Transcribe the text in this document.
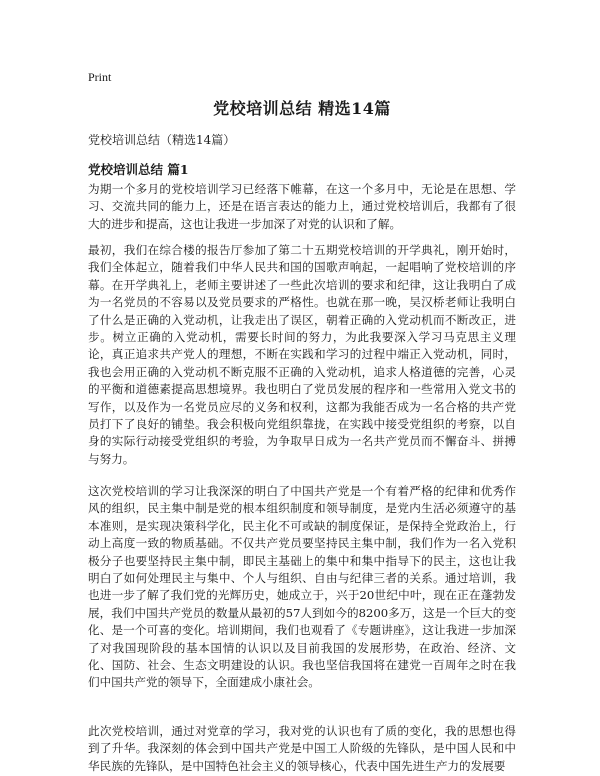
Print
党校培训总结 精选14篇
党校培训总结（精选14篇）
党校培训总结 篇1

为期一个多月的党校培训学习已经落下帷幕，在这一个多月中，无论是在思想、学习、交流共同的能力上，还是在语言表达的能力上，通过党校培训后，我都有了很大的进步和提高，这也让我进一步加深了对党的认识和了解。

最初，我们在综合楼的报告厅参加了第二十五期党校培训的开学典礼，刚开始时，我们全体起立，随着我们中华人民共和国的国歌声响起，一起唱响了党校培训的序幕。在开学典礼上，老师主要讲述了一些此次培训的要求和纪律，这让我明白了成为一名党员的不容易以及党员要求的严格性。也就在那一晚，吴汉桥老师让我明白了什么是正确的入党动机，让我走出了误区，朝着正确的入党动机而不断改正，进步。树立正确的入党动机，需要长时间的努力，为此我要深入学习马克思主义理论，真正追求共产党人的理想，不断在实践和学习的过程中端正入党动机，同时，我也会用正确的入党动机不断克服不正确的入党动机，追求人格道德的完善，心灵的平衡和道德素提高思想境界。我也明白了党员发展的程序和一些常用入党文书的写作，以及作为一名党员应尽的义务和权利，这都为我能否成为一名合格的共产党员打下了良好的铺垫。我会积极向党组织靠拢，在实践中接受党组织的考察，以自身的实际行动接受党组织的考验，为争取早日成为一名共产党员而不懈奋斗、拼搏与努力。

这次党校培训的学习让我深深的明白了中国共产党是一个有着严格的纪律和优秀作风的组织，民主集中制是党的根本组织制度和领导制度，是党内生活必须遵守的基本准则，是实现决策科学化，民主化不可或缺的制度保证，是保持全党政治上，行动上高度一致的物质基础。不仅共产党员要坚持民主集中制，我们作为一名入党积极分子也要坚持民主集中制，即民主基础上的集中和集中指导下的民主，这也让我明白了如何处理民主与集中、个人与组织、自由与纪律三者的关系。通过培训，我也进一步了解了我们党的光辉历史，她成立于，兴于20世纪中叶，现在正在蓬勃发展，我们中国共产党员的数量从最初的57人到如今的8200多万，这是一个巨大的变化、是一个可喜的变化。培训期间，我们也观看了《专题讲座》，这让我进一步加深了对我国现阶段的基本国情的认识以及目前我国的发展形势，在政治、经济、文化、国防、社会、生态文明建设的认识。我也坚信我国将在建党一百周年之时在我们中国共产党的领导下，全面建成小康社会。

此次党校培训，通过对党章的学习，我对党的认识也有了质的变化，我的思想也得到了升华。我深刻的体会到中国共产党是中国工人阶级的先锋队，是中国人民和中华民族的先锋队，是中国特色社会主义的领导核心，代表中国先进生产力的发展要
